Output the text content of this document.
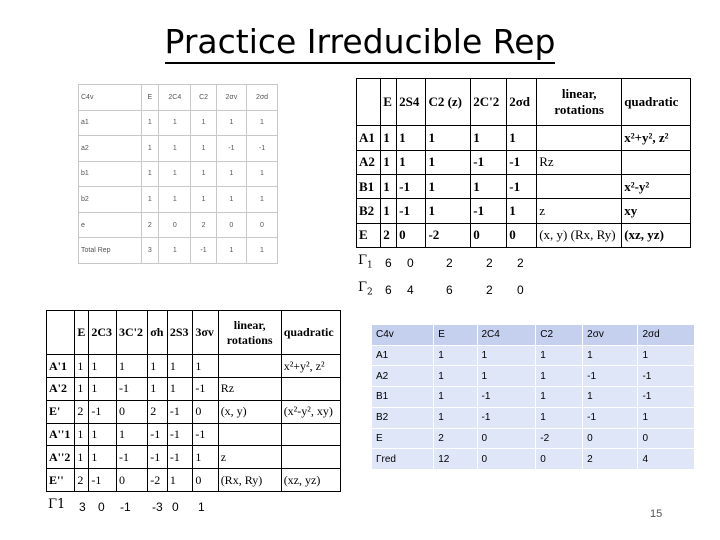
Practice Irreducible Rep
C4v	E	2C4	C2	2σv	2σd
a1	1	1	1	1	1
a2	1	1	1	-1	-1
b1	1	1	1	1	1
b2	1	1	1	1	1
e	2	0	2	0	0
Total Rep	3	1	-1	1	1
	E	2S4	C2 (z)	2C'2	2σd	linear, rotations	quadratic
A1	1	1	1	1	1		x²+y², z²
A2	1	1	1	-1	-1	Rz	
B1	1	-1	1	1	-1		x²-y²
B2	1	-1	1	-1	1	z	xy
E	2	0	-2	0	0	(x, y) (Rx, Ry)	(xz, yz)
$\Gamma_1$ 6 0	2	2 2
$\Gamma_2$ 6 4	6	2 0
	E	2C3	3C'2	σh	2S3	3σv	linear, rotations	quadratic
A'1	1	1	1	1	1	1		x²+y², z²
A'2	1	1	-1	1	1	-1	Rz	
E'	2	-1	0	2	-1	0	(x, y)	(x²-y², xy)
A''1	1	1	1	-1	-1	-1		
A''2	1	1	-1	-1	-1	1	z	
E''	2	-1	0	-2	1	0	(Rx, Ry)	(xz, yz)
Γ1 3 0 -1 -3 0 1
C4v	E	2C4	C2	2σv	2σd
A1	1	1	1	1	1
A2	1	1	1	-1	-1
B1	1	-1	1	1	-1
B2	1	-1	1	-1	1
E	2	0	-2	0	0
Γred	12	0	0	2	4
15
